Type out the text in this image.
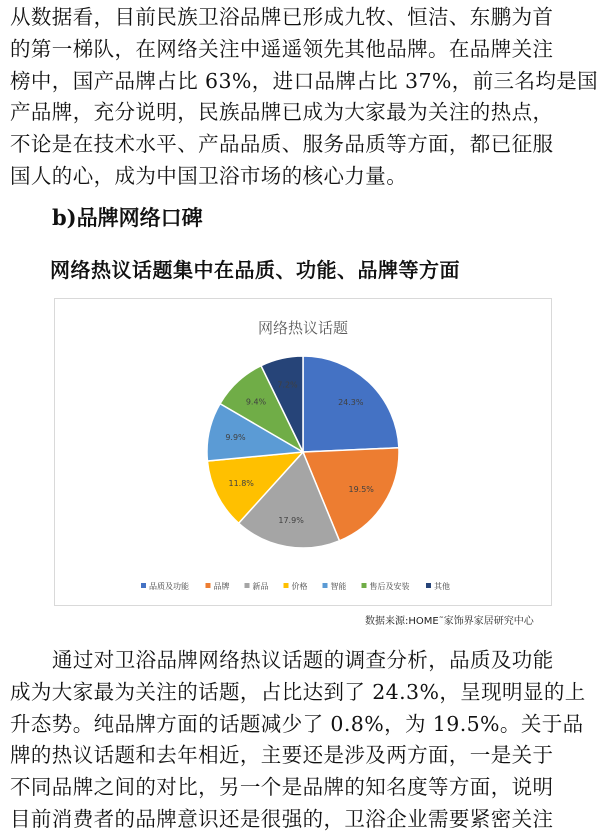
从数据看，目前民族卫浴品牌已形成九牧、恒洁、东鹏为首
的第一梯队，在网络关注中遥遥领先其他品牌。在品牌关注
榜中，国产品牌占比 63%，进口品牌占比 37%，前三名均是国
产品牌，充分说明，民族品牌已成为大家最为关注的热点，
不论是在技术水平、产品品质、服务品质等方面，都已征服
国人的心，成为中国卫浴市场的核心力量。
b)品牌网络口碑
网络热议话题集中在品质、功能、品牌等方面
网络热议话题
24.3%
19.5%
17.9%
11.8%
9.9%
9.4%
7.2%
品质及功能	品牌	新品	价格	智能	售后及安装	其他

数据来源:HOME˜家饰界家居研究中心

通过对卫浴品牌网络热议话题的调查分析，品质及功能
成为大家最为关注的话题，占比达到了 24.3%，呈现明显的上
升态势。纯品牌方面的话题减少了 0.8%，为 19.5%。关于品
牌的热议话题和去年相近，主要还是涉及两方面，一是关于
不同品牌之间的对比，另一个是品牌的知名度等方面，说明
目前消费者的品牌意识还是很强的，卫浴企业需要紧密关注
